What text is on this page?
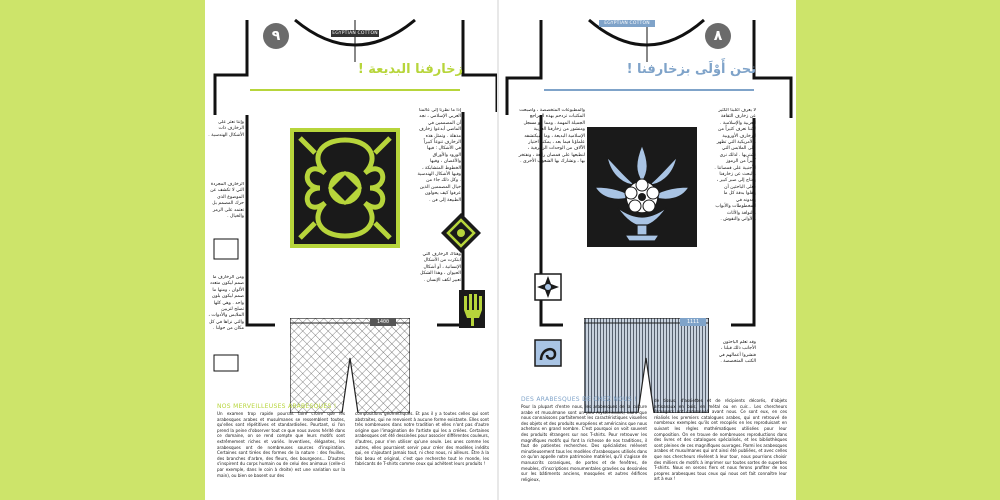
٩	EGYPTIAN COTTON
زخارفنا البديعة !
1400
إذا ما نظرنا إلى عالمنا العربي الإسلامي ، نجد أن المصممين في الماضي أبدعوا زخارف مذهلة . وتمثل هذه الزخارف تنوعاً كبيراً في الأشكال : فيها الورود والأوراق والأغصان ، وفيها الخطوط المتشابكة ، وفيها الأشكال الهندسية . وكل ذلك جاء من خيال المصممين الذين عرفوا كيف يحولون الطبيعة إلى فن .
وإننا نعثر على الزخارف ذات الأشكال الهندسية .
الزخارف المجردة التي لا تكشف عن الموضوع الذي حرك المصمم بل تعتمد على الرمز والخيال .
ومن الزخارف ما صمم ليكون متعدد الألوان ، ومنها ما صمم ليكون بلون واحد . وهي كلها تصلح لتزيين الملابس والأدوات ، والتي نراها في كل مكان من حولنا .
وهناك الزخارف التي ابتكرت من الأشكال الإنسانية ، أو أشكال الحيوان ، وهذا الشكل تعبير لكف الإنسان .
NOS MERVEILLEUSES ARABESQUES !
Un examen trop rapide pourrait faire croire que les arabesques arabes et musulmanes se ressemblent toutes, qu'elles sont répétitives et standardisées. Pourtant, si l'on prend la peine d'observer tout ce que nous avons hérité dans ce domaine, on se rend compte que leurs motifs sont extrêmement riches et variés. Inventives, élégantes, les arabesques ont de nombreuses sources d'inspiration. Certaines sont tirées des formes de la nature : des feuilles, des branches d'arbre, des fleurs, des bourgeons... D'autres s'inspirent du corps humain ou de celui des animaux (celle-ci par exemple, dans le coin à droite) est une variation sur la main), ou bien se basent sur des
compositions géométriques. Et pas il y a toutes celles qui sont abstraites, qui ne renvoient à aucune forme existante. Elles sont très nombreuses dans notre tradition et elles n'ont pas d'autre origine que l'imagination de l'artiste qui les a créées. Certaines arabesques ont été dessinées pour associer différentes couleurs, d'autres, pour n'en utiliser qu'une seule. Les unes comme les autres, elles pourraient servir pour créer des modèles inédits qui, en s'ajoutant jamais tout, ni chez nous, ni ailleurs. Être à la fois beau et original, c'est que recherche tout le monde, les fabricants de T-shirts comme ceux qui achètent leurs produits !
EGYPTIAN COTTON
٨
نحن أَوْلَى بزخارفنا !
1111
لا يعرف أغلبنا الكثير عن زخارف الثقافة العربية والإسلامية . لكننا نعرف كثيراً من الزخارف الأوروبية والأمريكية التي تظهر على الملابس التي نشتريها . لذلك نرى كثيراً من الرموز الأجنبية على قمصاننا . والبحث عن زخارفنا يحتاج إلى صبر كبير ، فعلى الباحثين أن ينقلوا بدقة كل ما يجدونه في المخطوطات والأبواب والنوافذ والأثاث والأواني والنقوش .
والمطبوعات المتخصصة ، وأصبحت المكتبات تزدحم بهذه المراجع الجميلة المهمة . ومما هو مسجل ومنشور من زخارفنا العربية الإسلامية البديعة ، وما سيكتشفه علماؤنا فيما بعد ، يمكننا اختيار الآلاف من الوحدات الزخرفية ، لنطبعها على قمصان رائعة ، ونفتخر بها ، ونشارك بها الشعوب الأخرى .
وقد تعلم الباحثون الأجانب ذلك قبلنا ، فنشروا أعمالهم في الكتب المتخصصة .
DES ARABESQUES DE CHEZ NOUS !
Pour la plupart d'entre nous, les arabesques de la culture arabe et musulmane sont un peu mystérieuses, alors que nous connaissons parfaitement les caractéristiques visuelles des objets et des produits européens et américains que nous achetons en grand nombre. C'est pourquoi on voit souvent des produits étrangers sur nos T-shirts. Pour retrouver les magnifiques motifs qui font la richesse de nos traditions, il faut de patientes recherches. Des spécialistes relèvent minutieusement tous les modèles d'arabesques utilisés dans ce qu'on appelle notre patrimoine matériel, qu'il s'agisse de manuscrits coraniques, de portes et de fenêtres, de meubles, d'inscriptions monumentales gravées ou dessinées sur les bâtiments anciens, mosquées et autres édifices religieux,
de tissus, d'assiettes et de récipients décorés, d'objets artisanaux en bois, en métal ou en cuir... Les chercheurs étrangers ont commencé avant nous. Ce sont eux, en ces réalisés les premiers catalogues arabes, qui ont retrouvé de nombreux exemples qu'ils ont recopiés en les reproduisant en suivant les règles mathématiques utilisées pour leur composition. On en trouve de nombreuses reproductions dans des livres et des catalogues spécialisés, et les bibliothèques sont pleines de ces magnifiques ouvrages. Parmi les arabesques arabes et musulmanes qui ont ainsi été publiées, et avec celles que nos chercheurs révèlent à leur tour, nous pourrions choisir des milliers de motifs à imprimer sur toutes sortes de superbes T-shirts. Nous en serons fiers et nous ferons profiter de nos propres arabesques tous ceux qui nous ont fait connaître leur art à eux !
